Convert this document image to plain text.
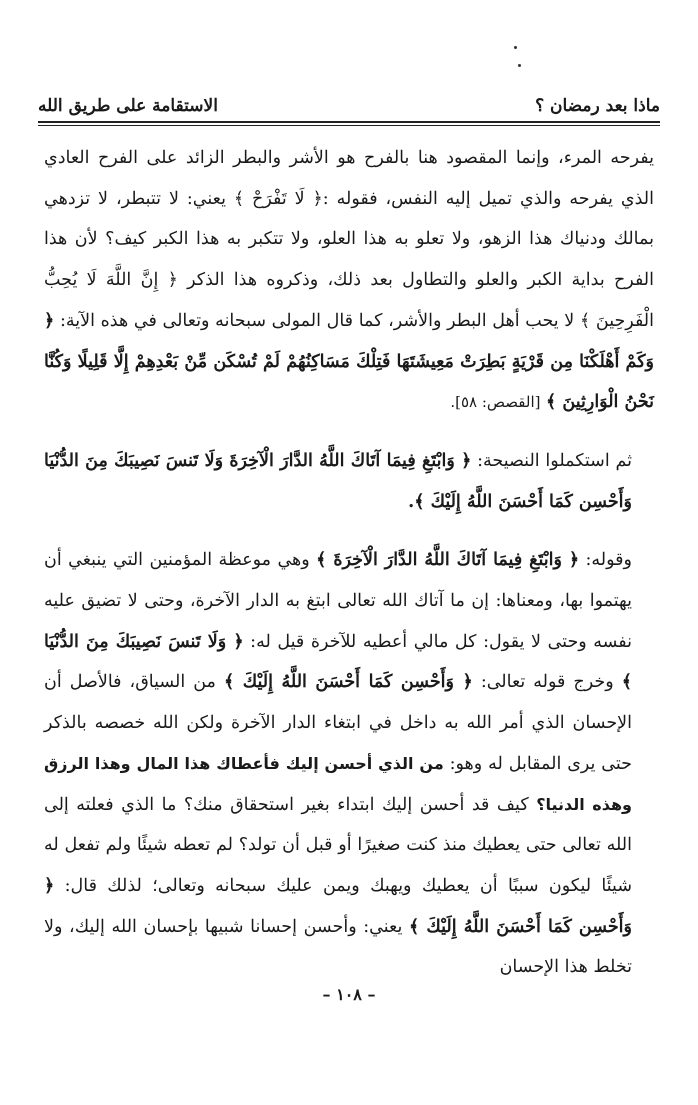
ماذا بعد رمضان ؟
الاستقامة على طريق الله

يفرحه المرء، وإنما المقصود هنا بالفرح هو الأشر والبطر الزائد على الفرح العادي الذي يفرحه والذي تميل إليه النفس، فقوله :﴿ لَا تَفْرَحْ ﴾ يعني: لا تتبطر، لا تزدهي بمالك ودنياك هذا الزهو، ولا تعلو به هذا العلو، ولا تتكبر به هذا الكبر كيف؟ لأن هذا الفرح بداية الكبر والعلو والتطاول بعد ذلك، وذكروه هذا الذكر ﴿ إِنَّ اللَّهَ لَا يُحِبُّ الْفَرِحِينَ ﴾ لا يحب أهل البطر والأشر، كما قال المولى سبحانه وتعالى في هذه الآية: ﴿ وَكَمْ أَهْلَكْنَا مِن قَرْيَةٍ بَطِرَتْ مَعِيشَتَهَا فَتِلْكَ مَسَاكِنُهُمْ لَمْ تُسْكَن مِّنْ بَعْدِهِمْ إِلَّا قَلِيلًا وَكُنَّا نَحْنُ الْوَارِثِينَ ﴾ [القصص: ٥٨].

ثم استكملوا النصيحة: ﴿ وَابْتَغِ فِيمَا آتَاكَ اللَّهُ الدَّارَ الْآخِرَةَ وَلَا تَنسَ نَصِيبَكَ مِنَ الدُّنْيَا وَأَحْسِن كَمَا أَحْسَنَ اللَّهُ إِلَيْكَ ﴾.

وقوله: ﴿ وَابْتَغِ فِيمَا آتَاكَ اللَّهُ الدَّارَ الْآخِرَةَ ﴾ وهي موعظة المؤمنين التي ينبغي أن يهتموا بها، ومعناها: إن ما آتاك الله تعالى ابتغ به الدار الآخرة، وحتى لا تضيق عليه نفسه وحتى لا يقول: كل مالي أعطيه للآخرة قيل له: ﴿ وَلَا تَنسَ نَصِيبَكَ مِنَ الدُّنْيَا ﴾ وخرج قوله تعالى: ﴿ وَأَحْسِن كَمَا أَحْسَنَ اللَّهُ إِلَيْكَ ﴾ من السياق، فالأصل أن الإحسان الذي أمر الله به داخل في ابتغاء الدار الآخرة ولكن الله خصصه بالذكر حتى يرى المقابل له وهو: من الذي أحسن إليك فأعطاك هذا المال وهذا الرزق وهذه الدنيا؟ كيف قد أحسن إليك ابتداء بغير استحقاق منك؟ ما الذي فعلته إلى الله تعالى حتى يعطيك منذ كنت صغيرًا أو قبل أن تولد؟ لم تعطه شيئًا ولم تفعل له شيئًا ليكون سببًا أن يعطيك ويهبك ويمن عليك سبحانه وتعالى؛ لذلك قال: ﴿ وَأَحْسِن كَمَا أَحْسَنَ اللَّهُ إِلَيْكَ ﴾ يعني: وأحسن إحسانا شبيها بإحسان الله إليك، ولا تخلط هذا الإحسان

– ١٠٨ –
